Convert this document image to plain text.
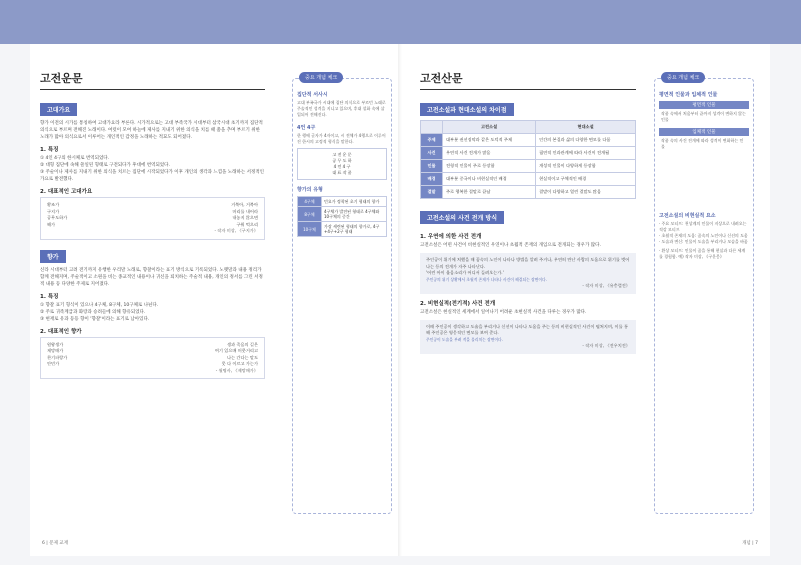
고전운문
고대가요
향가 이전의 시가를 통칭하여 고대가요라 부른다. 시가적으로는 고대 부족국가 시대부터 삼국시대 초기까지 집단적 의식으로 부르며 전해진 노래이다. 여럿이 모여 하늘에 제사를 지내기 위한 의식을 치를 때 춤을 추며 부르기 위한 노래가 많아 의식요로서 이루어는 개인적인 감정을 노래하는 적묘도 되어졌다.
1. 특징
① 4인 4구의 한시체로 번역되었다.
② 대형 집단에 속해 쓸일된 형태로 구전되다가 후대에 번역되었다.
③ 주술이나 제사를 지내기 위한 의식을 치르는 집단에 시작되었다가 이후 개인의 생각과 느낌을 노래하는 서정적인 가요로 발전했다.
2. 대표적인 고대가요
황조가	거북아, 거북아
구지가	머리를 내어라
공무도하가	내놓지 않으면
해가	구워 먹으리
- 작자 미상, 《구지가》
향가
신라 시대부터 고려 전기까지 유행한 우리말 노래로, 향찰이라는 표기 방식으로 기록되었다. 노랫말과 내용 정리가 함께 전해지며, 주술적이고 소원을 비는 종교적인 내용이나 귀신을 퇴치하는 주술적 내용, 개인의 정서를 그린 서정적 내용 등 다양한 주제로 지어졌다.
1. 특징
① 향찰 표기 형식이 있으나 4구체, 8구체, 10구체로 나뉜다.
② 주로 귀족계급과 화랑과 승려들에 의해 향유되었다.
③ 현재로 유과 등등 향이 '향찰'이라는 표기로 남아있다.
2. 대표적인 향가
원왕생가	생과 죽음의 길은
제망매가	여기 있으매 머뭇거리고
찬기파랑가	나는 간다는 말도
안민가	못 다 이르고 가는가
- 월명사, 《제망매가》
중요 개념 체크
집단적 서사시
고대 부족국가 시대에 집단 의식으로 부르던 노래로 주술적인 성격을 지니고 있으며, 후대 설화 속에 삽입되어 전해진다.
4언 4구
한 행에 글자가 4자이고, 시 전체가 4행으로 이루어진 한시의 고정적 형식을 말한다.
고 전 운 문
공 무 도 하
4 언 4 구
대 표 작 품
향가의 유형
4구체	민요가 정착된 초기 형태의 향가
8구체	4구체가 발전된 형태로 4구체와 10구체의 중간
10구체	가장 세련된 형태의 향가로, 4구+4구+2구 형태
6 | 문제 교재
고전산문
고전소설과 현대소설의 차이점
	고전소설	현대소설
주제	대부분 권선징악과 같은 도덕적 주제	인간의 본질과 삶의 다양한 면모를 다룸
사건	우연적 사건 전개가 많음	필연적 인과관계에 따라 사건이 전개됨
인물	전형적 인물이 주로 등장함	개성적 인물이 다양하게 등장함
배경	대부분 중국이나 비현실적인 배경	현실적이고 구체적인 배경
결말	주로 행복한 결말로 끝남	결말이 다양하고 열린 결말도 많음
고전소설의 사건 전개 방식
1. 우연에 의한 사건 전개
고전소설은 어떤 사건이 비현실적인 우연이나 초월적 존재의 개입으로 전개되는 경우가 많다.
주인공이 위기에 처했을 때 꿈속의 노인이 나타나 방법을 알려 주거나, 우연히 만난 사람의 도움으로 위기를 벗어나는 등의 전개가 자주 나타난다.
'어린 아이 울음소리가 어디서 들려오는가.'
주인공의 위기 상황에서 초월적 존재가 나타나 사건이 해결되는 장면이다.
- 작자 미상, 《유충렬전》
2. 비현실적(전기적) 사건 전개
고전소설은 현실적인 세계에서 일어나기 어려운 초현실적 사건을 다루는 경우가 많다.
이때 주인공이 생각하고 도술을 부리거나 신선이 나타나 도움을 주는 등의 비현실적인 사건이 펼쳐지며, 이를 통해 주인공은 영웅적인 면모를 보여 준다.
주인공이 도술을 부려 적을 물리치는 장면이다.
- 작자 미상, 《전우치전》
중요 개념 체크
평면적 인물과 입체적 인물
평면적 인물
작품 속에서 처음부터 끝까지 성격이 변하지 않는 인물
입체적 인물
작품 속의 사건 전개에 따라 성격이 변화하는 인물
고전소설의 비현실적 요소
· 주요 모티프: 천상계의 인물이 지상으로 내려오는 적강 모티프
· 초월적 존재의 도움: 꿈속의 노인이나 신선의 도움
· 도술과 변신: 인물이 도술을 부리거나 모습을 바꿈
· 환상 모티프: 인물이 꿈을 통해 현실과 다른 세계를 경험함. 예) 작자 미상, 《구운몽》
개념 | 7
